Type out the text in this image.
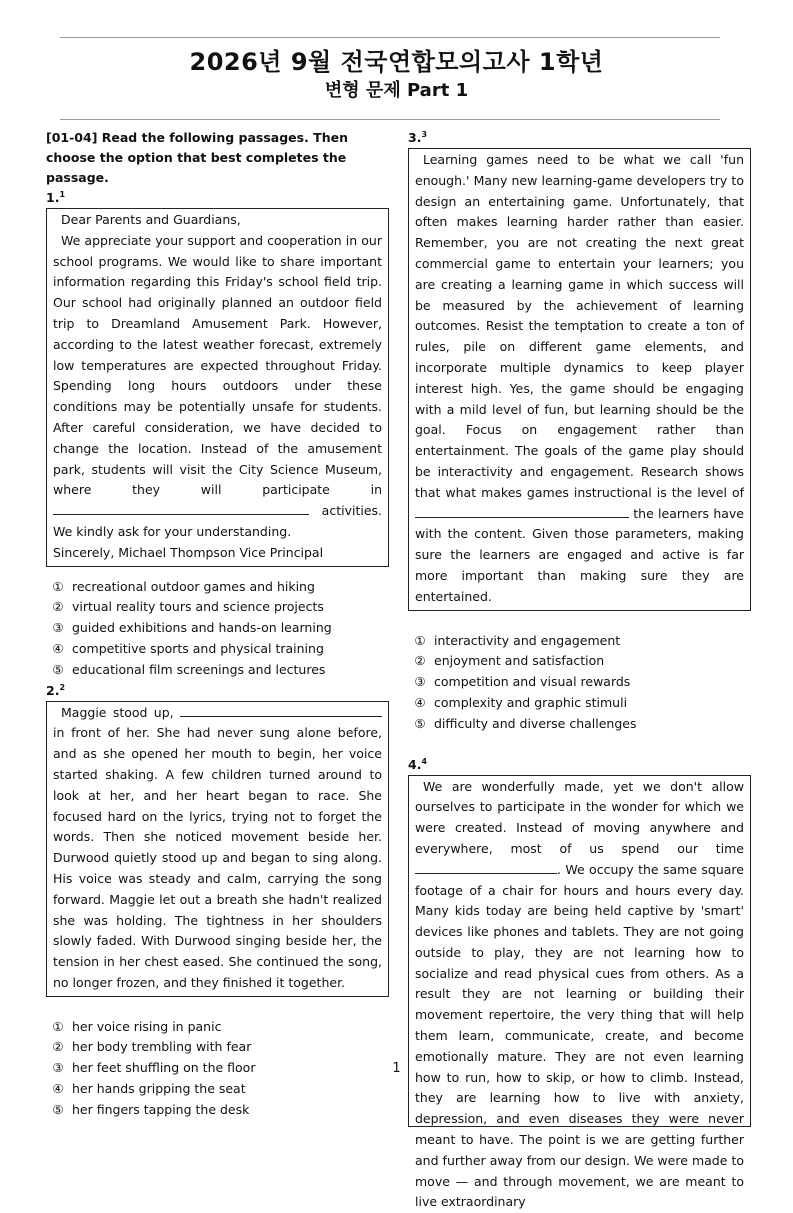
2026년 9월 전국연합모의고사 1학년
변형 문제 Part 1
[01-04] Read the following passages. Then choose the option that best completes the passage.
1.$^1$

Dear Parents and Guardians,

We appreciate your support and cooperation in our school programs. We would like to share important information regarding this Friday's school field trip. Our school had originally planned an outdoor field trip to Dreamland Amusement Park. However, according to the latest weather forecast, extremely low temperatures are expected throughout Friday. Spending long hours outdoors under these conditions may be potentially unsafe for students. After careful consideration, we have decided to change the location. Instead of the amusement park, students will visit the City Science Museum, where they will participate in  activities. We kindly ask for your understanding.

Sincerely, Michael Thompson Vice Principal

① recreational outdoor games and hiking
② virtual reality tours and science projects
③ guided exhibitions and hands-on learning
④ competitive sports and physical training
⑤ educational film screenings and lectures
2.$^2$

Maggie stood up,  in front of her. She had never sung alone before, and as she opened her mouth to begin, her voice started shaking. A few children turned around to look at her, and her heart began to race. She focused hard on the lyrics, trying not to forget the words. Then she noticed movement beside her. Durwood quietly stood up and began to sing along. His voice was steady and calm, carrying the song forward. Maggie let out a breath she hadn't realized she was holding. The tightness in her shoulders slowly faded. With Durwood singing beside her, the tension in her chest eased. She continued the song, no longer frozen, and they finished it together.

① her voice rising in panic
② her body trembling with fear
③ her feet shuffling on the floor
④ her hands gripping the seat
⑤ her fingers tapping the desk
3.$^3$

Learning games need to be what we call 'fun enough.' Many new learning-game developers try to design an entertaining game. Unfortunately, that often makes learning harder rather than easier. Remember, you are not creating the next great commercial game to entertain your learners; you are creating a learning game in which success will be measured by the achievement of learning outcomes. Resist the temptation to create a ton of rules, pile on different game elements, and incorporate multiple dynamics to keep player interest high. Yes, the game should be engaging with a mild level of fun, but learning should be the goal. Focus on engagement rather than entertainment. The goals of the game play should be interactivity and engagement. Research shows that what makes games instructional is the level of  the learners have with the content. Given those parameters, making sure the learners are engaged and active is far more important than making sure they are entertained.

① interactivity and engagement
② enjoyment and satisfaction
③ competition and visual rewards
④ complexity and graphic stimuli
⑤ difficulty and diverse challenges
4.$^4$

We are wonderfully made, yet we don't allow ourselves to participate in the wonder for which we were created. Instead of moving anywhere and everywhere, most of us spend our time . We occupy the same square footage of a chair for hours and hours every day. Many kids today are being held captive by 'smart' devices like phones and tablets. They are not going outside to play, they are not learning how to socialize and read physical cues from others. As a result they are not learning or building their movement repertoire, the very thing that will help them learn, communicate, create, and become emotionally mature. They are not even learning how to run, how to skip, or how to climb. Instead, they are learning how to live with anxiety, depression, and even diseases they were never meant to have. The point is we are getting further and further away from our design. We were made to move — and through movement, we are meant to live extraordinary

1
